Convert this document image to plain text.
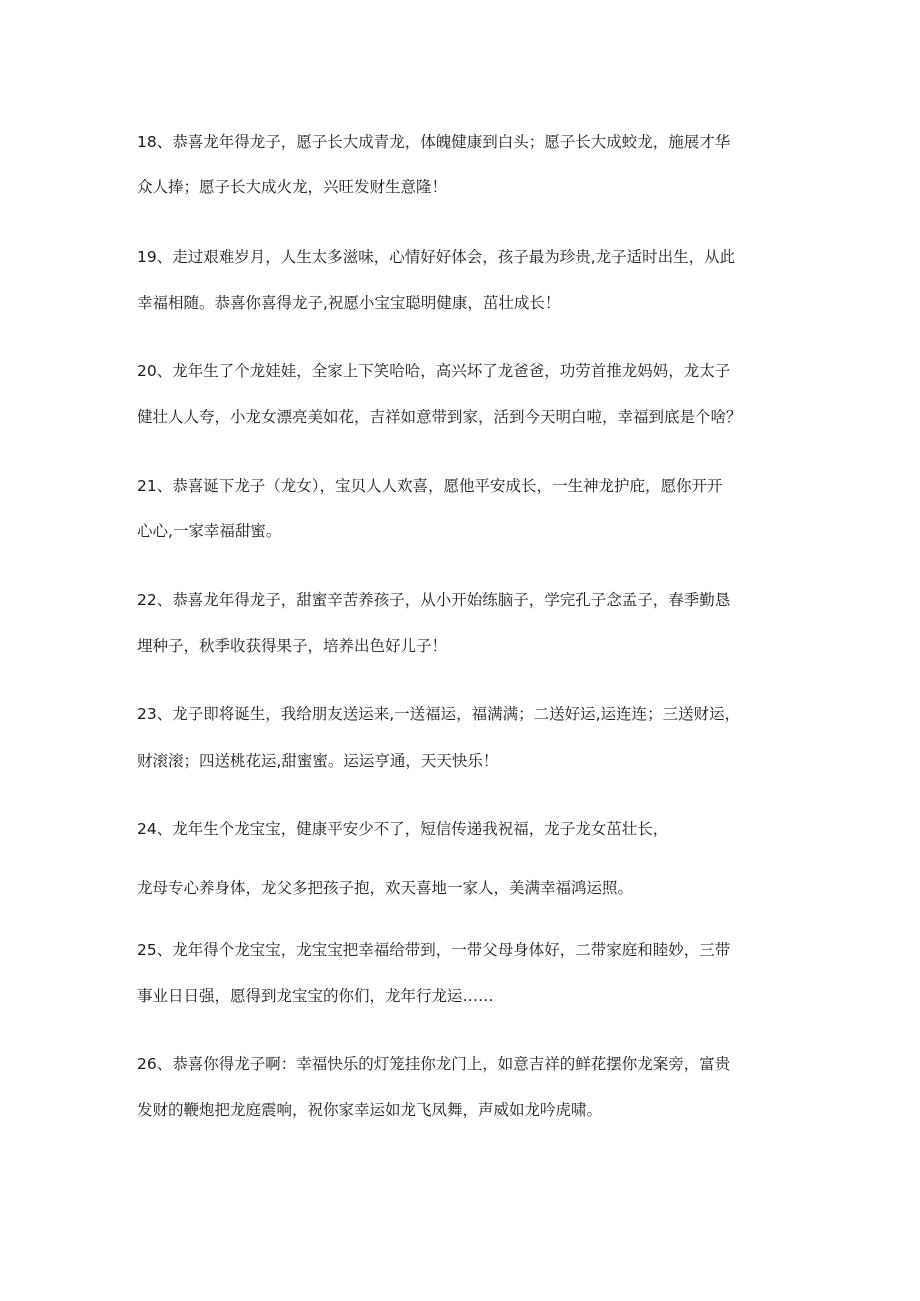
18、恭喜龙年得龙子，愿子长大成青龙，体魄健康到白头；愿子长大成蛟龙，施展才华
众人捧；愿子长大成火龙，兴旺发财生意隆！
19、走过艰难岁月，人生太多滋味，心情好好体会，孩子最为珍贵,龙子适时出生，从此
幸福相随。恭喜你喜得龙子,祝愿小宝宝聪明健康，茁壮成长！
20、龙年生了个龙娃娃，全家上下笑哈哈，高兴坏了龙爸爸，功劳首推龙妈妈，龙太子
健壮人人夸，小龙女漂亮美如花，吉祥如意带到家，活到今天明白啦，幸福到底是个啥？
21、恭喜诞下龙子（龙女），宝贝人人欢喜，愿他平安成长，一生神龙护庇，愿你开开
心心,一家幸福甜蜜。
22、恭喜龙年得龙子，甜蜜辛苦养孩子，从小开始练脑子，学完孔子念孟子，春季勤恳
埋种子，秋季收获得果子，培养出色好儿子！
23、龙子即将诞生，我给朋友送运来,一送福运，福满满；二送好运,运连连；三送财运，
财滚滚；四送桃花运,甜蜜蜜。运运亨通，天天快乐！
24、龙年生个龙宝宝，健康平安少不了，短信传递我祝福，龙子龙女茁壮长，
龙母专心养身体，龙父多把孩子抱，欢天喜地一家人，美满幸福鸿运照。
25、龙年得个龙宝宝，龙宝宝把幸福给带到，一带父母身体好，二带家庭和睦妙，三带
事业日日强，愿得到龙宝宝的你们，龙年行龙运……
26、恭喜你得龙子啊：幸福快乐的灯笼挂你龙门上，如意吉祥的鲜花摆你龙案旁，富贵
发财的鞭炮把龙庭震响，祝你家幸运如龙飞凤舞，声威如龙吟虎啸。
